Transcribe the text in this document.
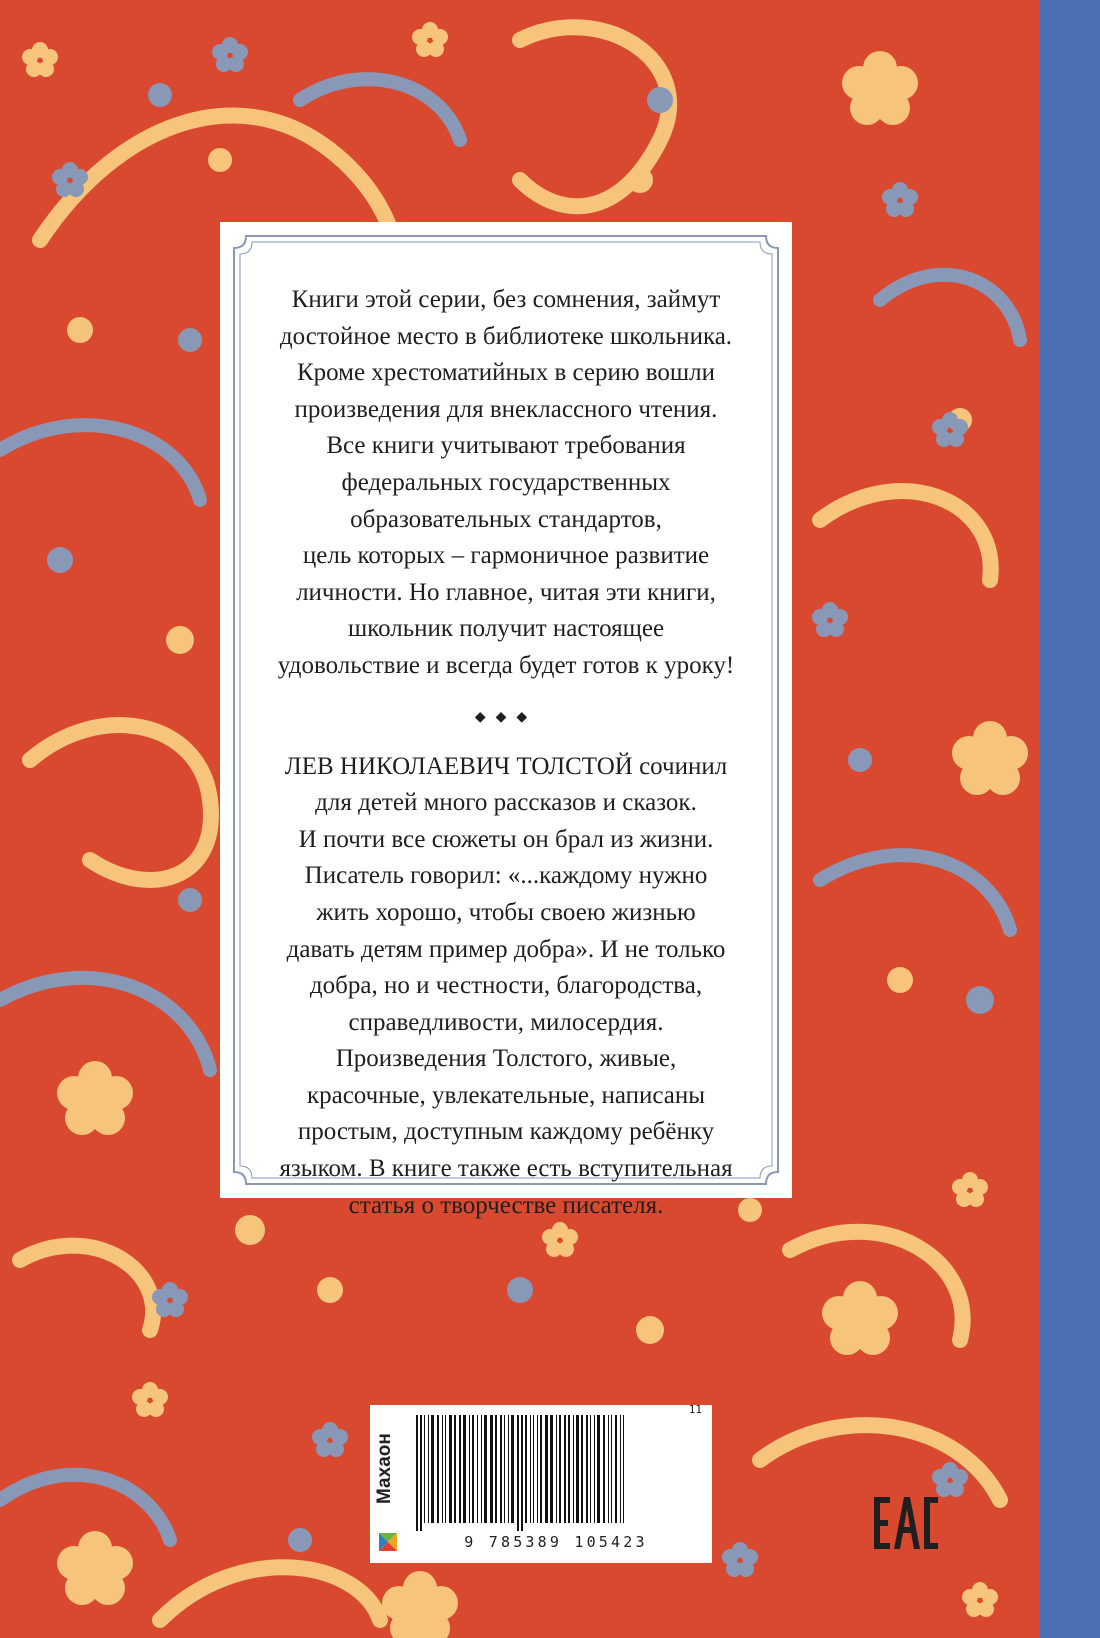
Книги этой серии, без сомнения, займут
достойное место в библиотеке школьника.
Кроме хрестоматийных в серию вошли
произведения для внеклассного чтения.
Все книги учитывают требования
федеральных государственных
образовательных стандартов,
цель которых – гармоничное развитие
личности. Но главное, читая эти книги,
школьник получит настоящее
удовольствие и всегда будет готов к уроку!

◆◆◆

ЛЕВ НИКОЛАЕВИЧ ТОЛСТОЙ сочинил
для детей много рассказов и сказок.
И почти все сюжеты он брал из жизни.
Писатель говорил: «...каждому нужно
жить хорошо, чтобы своею жизнью
давать детям пример добра». И не только
добра, но и честности, благородства,
справедливости, милосердия.
Произведения Толстого, живые,
красочные, увлекательные, написаны
простым, доступным каждому ребёнку
языком. В книге также есть вступительная
статья о творчестве писателя.

Махаон
11
9 785389 105423
